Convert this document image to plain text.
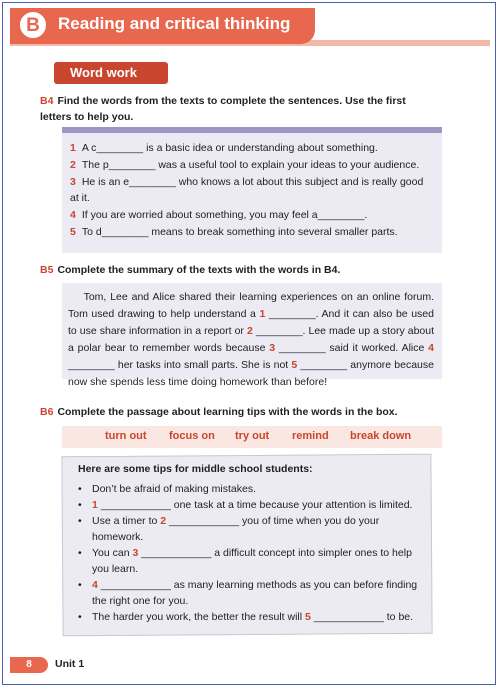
B	Reading and critical thinking
Word work
B4 Find the words from the texts to complete the sentences. Use the first letters to help you.
1 A c________ is a basic idea or understanding about something.
2 The p________ was a useful tool to explain your ideas to your audience.
3 He is an e________ who knows a lot about this subject and is really good at it.
4 If you are worried about something, you may feel a________.
5 To d________ means to break something into several smaller parts.
B5 Complete the summary of the texts with the words in B4.
Tom, Lee and Alice shared their learning experiences on an online forum. Tom used drawing to help understand a 1 ________. And it can also be used to use share information in a report or 2 ________. Lee made up a story about a polar bear to remember words because 3 ________ said it worked. Alice 4 ________ her tasks into small parts. She is not 5 ________ anymore because now she spends less time doing homework than before!
B6 Complete the passage about learning tips with the words in the box.
turn out focus on try out remind break down
Here are some tips for middle school students:
• Don’t be afraid of making mistakes.
• 1 ____________ one task at a time because your attention is limited.
• Use a timer to 2 ____________ you of time when you do your homework.
• You can 3 ____________ a difficult concept into simpler ones to help you learn.
• 4 ____________ as many learning methods as you can before finding the right one for you.
• The harder you work, the better the result will 5 ____________ to be.
8	Unit 1
